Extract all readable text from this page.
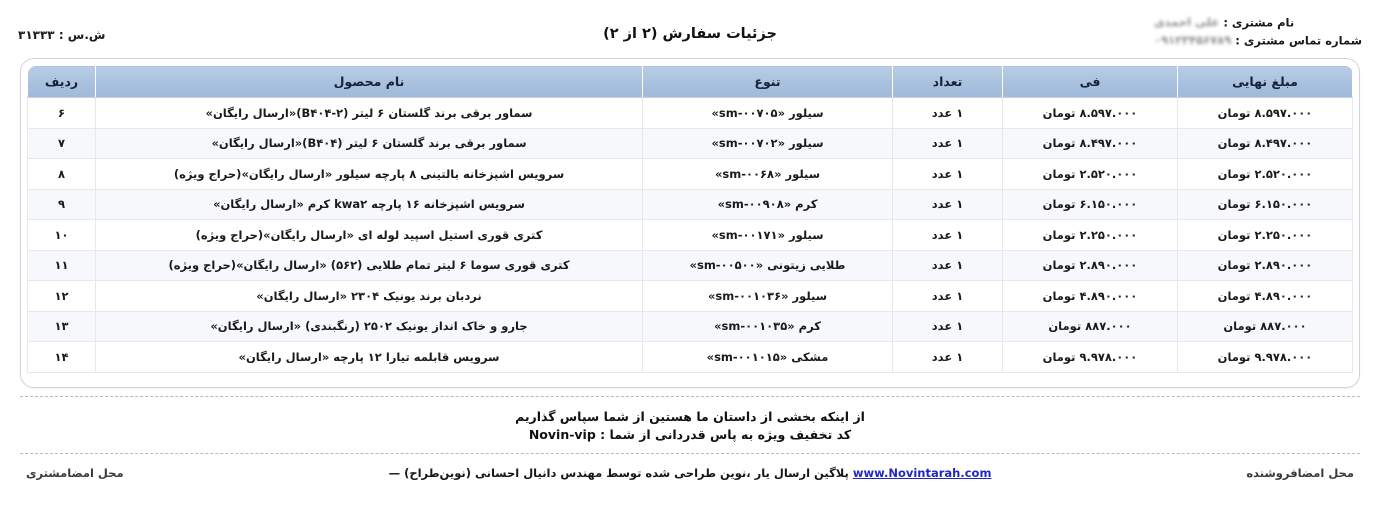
ش.س : ۳۱۳۳۳	جزئیات سفارش (۲ از ۲)
نام مشتری : علی احمدی
شماره تماس مشتری : ۰۹۱۲۳۴۵۶۷۸۹
مبلغ نهایی	فی	تعداد	تنوع	نام محصول	ردیف
۸.۵۹۷.۰۰۰ تومان	۸.۵۹۷.۰۰۰ تومان	۱ عدد	سیلور «sm-۰۰۷۰۵»	سماور برقی برند گلستان ۶ لیتر (B۴۰۴-۲)«ارسال رایگان»	۶
۸.۴۹۷.۰۰۰ تومان	۸.۴۹۷.۰۰۰ تومان	۱ عدد	سیلور «sm-۰۰۷۰۲»	سماور برقی برند گلستان ۶ لیتر (B۴۰۴)«ارسال رایگان»	۷
۲.۵۲۰.۰۰۰ تومان	۲.۵۲۰.۰۰۰ تومان	۱ عدد	سیلور «sm-۰۰۶۸»	سرویس اشپزخانه بالتینی ۸ پارچه سیلور «ارسال رایگان»(حراج ویژه)	۸
۶.۱۵۰.۰۰۰ تومان	۶.۱۵۰.۰۰۰ تومان	۱ عدد	کرم «sm-۰۰۹۰۸»	سرویس اشپزخانه ۱۶ پارچه kwa۲ کرم «ارسال رایگان»	۹
۲.۲۵۰.۰۰۰ تومان	۲.۲۵۰.۰۰۰ تومان	۱ عدد	سیلور «sm-۰۰۱۷۱»	کتری قوری استیل اسپید لوله ای «ارسال رایگان»(حراج ویژه)	۱۰
۲.۸۹۰.۰۰۰ تومان	۲.۸۹۰.۰۰۰ تومان	۱ عدد	طلایی زیتونی «sm-۰۰۵۰۰»	کتری قوری سوما ۶ لیتر تمام طلایی (۵۶۲) «ارسال رایگان»(حراج ویژه)	۱۱
۴.۸۹۰.۰۰۰ تومان	۴.۸۹۰.۰۰۰ تومان	۱ عدد	سیلور «sm-۰۰۱۰۳۶»	نردبان برند یونیک ۲۳۰۴ «ارسال رایگان»	۱۲
۸۸۷.۰۰۰ تومان	۸۸۷.۰۰۰ تومان	۱ عدد	کرم «sm-۰۰۱۰۳۵»	جارو و خاک انداز یونیک ۲۵۰۲ (رنگبندی) «ارسال رایگان»	۱۳
۹.۹۷۸.۰۰۰ تومان	۹.۹۷۸.۰۰۰ تومان	۱ عدد	مشکی «sm-۰۰۱۰۱۵»	سرویس قابلمه تیارا ۱۲ پارچه «ارسال رایگان»	۱۴
از اینکه بخشی از داستان ما هستین از شما سپاس گذاریم
کد تخفیف ویژه به پاس قدردانی از شما : Novin-vip
محل امضافروشنده
www.Novintarah.com پلاگین ارسال یار ،نوین طراحی شده توسط مهندس دانیال احسانی (نوین‌طراح) —
محل امضامشتری
